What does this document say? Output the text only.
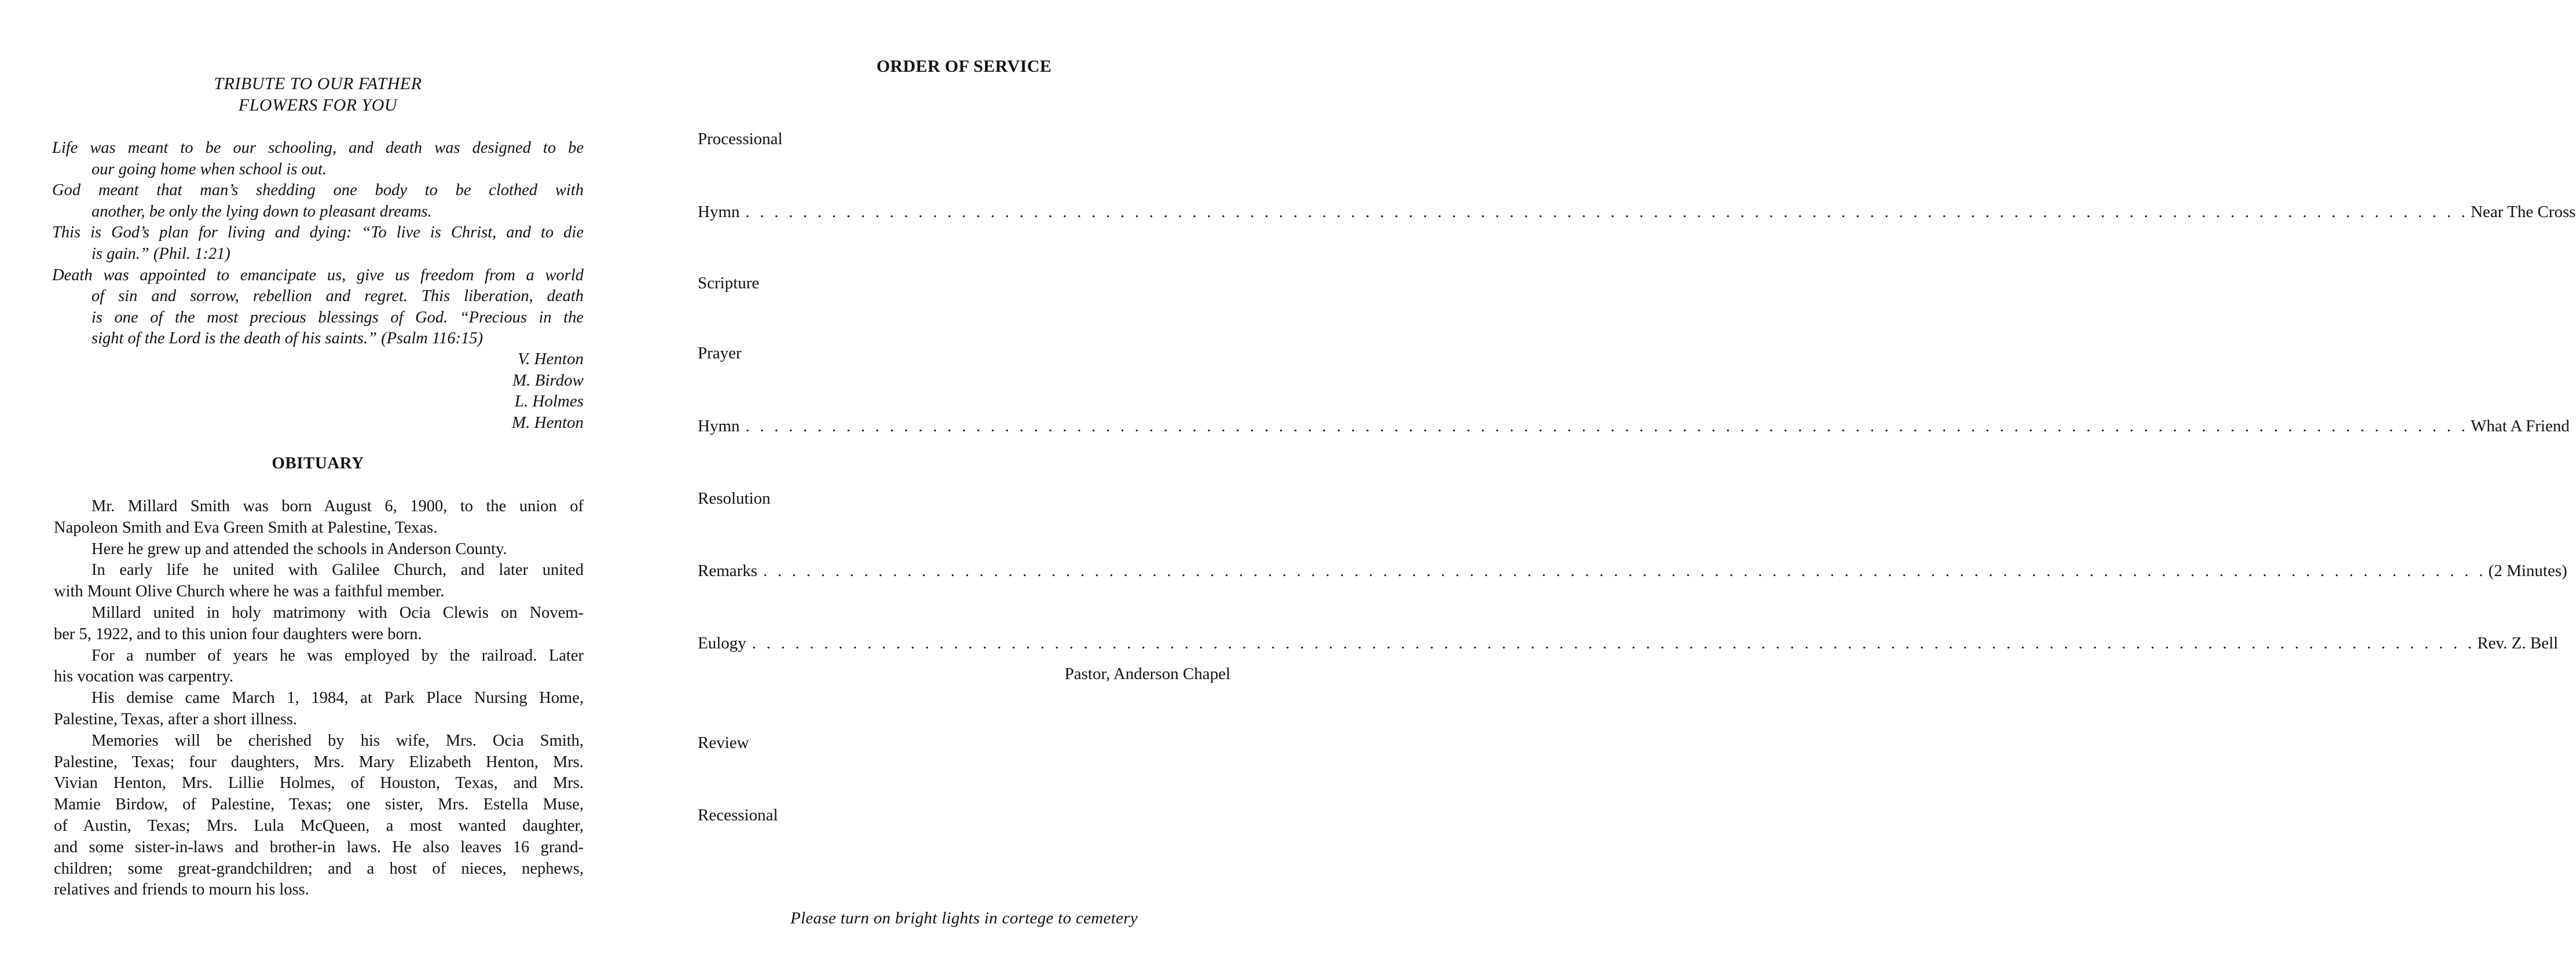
TRIBUTE TO OUR FATHER
FLOWERS FOR YOU
Life was meant to be our schooling, and death was designed to be
our going home when school is out.
God meant that man’s shedding one body to be clothed with
another, be only the lying down to pleasant dreams.
This is God’s plan for living and dying: “To live is Christ, and to die
is gain.” (Phil. 1:21)
Death was appointed to emancipate us, give us freedom from a world
of sin and sorrow, rebellion and regret. This liberation, death
is one of the most precious blessings of God. “Precious in the
sight of the Lord is the death of his saints.” (Psalm 116:15)
V. Henton
M. Birdow
L. Holmes
M. Henton
OBITUARY
Mr. Millard Smith was born August 6, 1900, to the union of
Napoleon Smith and Eva Green Smith at Palestine, Texas.
Here he grew up and attended the schools in Anderson County.
In early life he united with Galilee Church, and later united
with Mount Olive Church where he was a faithful member.
Millard united in holy matrimony with Ocia Clewis on Novem-
ber 5, 1922, and to this union four daughters were born.
For a number of years he was employed by the railroad. Later
his vocation was carpentry.
His demise came March 1, 1984, at Park Place Nursing Home,
Palestine, Texas, after a short illness.
Memories will be cherished by his wife, Mrs. Ocia Smith,
Palestine, Texas; four daughters, Mrs. Mary Elizabeth Henton, Mrs.
Vivian Henton, Mrs. Lillie Holmes, of Houston, Texas, and Mrs.
Mamie Birdow, of Palestine, Texas; one sister, Mrs. Estella Muse,
of Austin, Texas; Mrs. Lula McQueen, a most wanted daughter,
and some sister-in-laws and brother-in laws. He also leaves 16 grand-
children; some great-grandchildren; and a host of nieces, nephews,
relatives and friends to mourn his loss.
ORDER OF SERVICE
Processional
Hymn . . . . . . . . . . . . . . . . . . . . . . . . . . . . . . . . . . . . . . . . . . . . . . . . . . . . . . . . . . . . . . . . . . . . . . . . . . . . . . . . . . . . . . . . . . . . . . . . . . . . . . . . . . . . . . . . . . . . . . . . Near The Cross
Scripture
Prayer
Hymn . . . . . . . . . . . . . . . . . . . . . . . . . . . . . . . . . . . . . . . . . . . . . . . . . . . . . . . . . . . . . . . . . . . . . . . . . . . . . . . . . . . . . . . . . . . . . . . . . . . . . . . . . . . . . . . . . . . . . . . . What A Friend
Resolution
Remarks . . . . . . . . . . . . . . . . . . . . . . . . . . . . . . . . . . . . . . . . . . . . . . . . . . . . . . . . . . . . . . . . . . . . . . . . . . . . . . . . . . . . . . . . . . . . . . . . . . . . . . . . . . . . . . . . . . . . . . . . (2 Minutes)
Eulogy . . . . . . . . . . . . . . . . . . . . . . . . . . . . . . . . . . . . . . . . . . . . . . . . . . . . . . . . . . . . . . . . . . . . . . . . . . . . . . . . . . . . . . . . . . . . . . . . . . . . . . . . . . . . . . . . . . . . . . . . Rev. Z. Bell
Pastor, Anderson Chapel
Review
Recessional
Please turn on bright lights in cortege to cemetery
